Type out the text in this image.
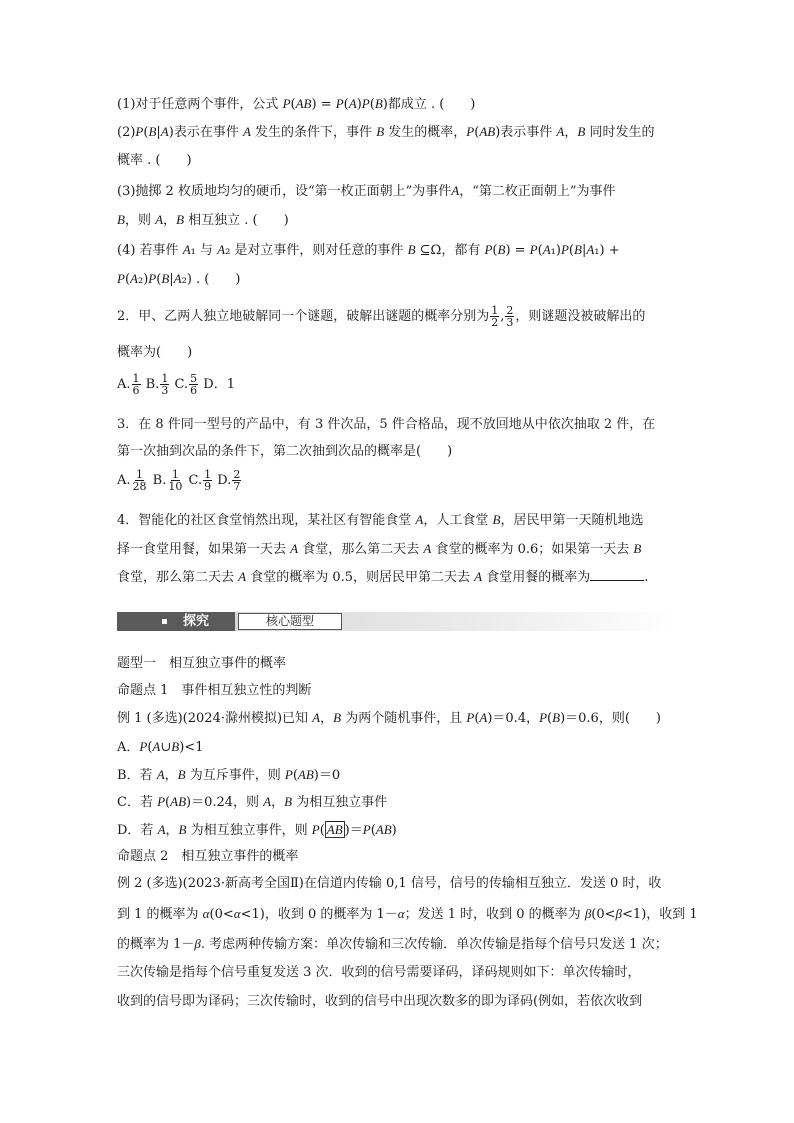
(1)对于任意两个事件，公式 P(AB) = P(A)P(B)都成立 . (　　)
(2)P(B|A)表示在事件 A 发生的条件下，事件 B 发生的概率，P(AB)表示事件 A，B 同时发生的
概率 . (　　)
(3)抛掷 2 枚质地均匀的硬币，设“第一枚正面朝上”为事件A，“第二枚正面朝上”为事件
B，则 A，B 相互独立 . (　　)
(4) 若事件 A₁ 与 A₂ 是对立事件，则对任意的事件 B ⊆Ω，都有 P(B) = P(A₁)P(B|A₁) +
P(A₂)P(B|A₂) . (　　)
2．甲、乙两人独立地破解同一个谜题，破解出谜题的概率分别为 $\frac{1}{2}$ , $\frac{2}{3}$ ，则谜题没被破解出的
概率为(　　)
A. $\frac{1}{6} B$. $\frac{1}{3} C$. $\frac{5}{6}$ D．1
3．在 8 件同一型号的产品中，有 3 件次品，5 件合格品，现不放回地从中依次抽取 2 件，在
第一次抽到次品的条件下，第二次抽到次品的概率是(　　)
A. $\frac{1}{28} B$. $\frac{1}{10} C$. $\frac{1}{9} D$. $\frac{2}{7}$
4．智能化的社区食堂悄然出现，某社区有智能食堂 A，人工食堂 B，居民甲第一天随机地选
择一食堂用餐，如果第一天去 A 食堂，那么第二天去 A 食堂的概率为 0.6；如果第一天去 B
食堂，那么第二天去 A 食堂的概率为 0.5，则居民甲第二天去 A 食堂用餐的概率为	.
探究	核心题型
题型一　相互独立事件的概率
命题点 1　事件相互独立性的判断
例 1 (多选)(2024·滁州模拟)已知 A，B 为两个随机事件，且 P(A)＝0.4，P(B)＝0.6，则(　　)
A．P(A∪B)<1
B．若 A，B 为互斥事件，则 P(AB)＝0
C．若 P(AB)＝0.24，则 A，B 为相互独立事件
D．若 A，B 为相互独立事件，则 P( $\overline{AB}$ )＝P(AB)
命题点 2　相互独立事件的概率
例 2 (多选)(2023·新高考全国Ⅱ)在信道内传输 0,1 信号，信号的传输相互独立．发送 0 时，收
到 1 的概率为 α(0<α<1)，收到 0 的概率为 1－α；发送 1 时，收到 0 的概率为 β(0<β<1)，收到 1
的概率为 1－β. 考虑两种传输方案：单次传输和三次传输．单次传输是指每个信号只发送 1 次；
三次传输是指每个信号重复发送 3 次．收到的信号需要译码，译码规则如下：单次传输时，
收到的信号即为译码；三次传输时，收到的信号中出现次数多的即为译码(例如，若依次收到
